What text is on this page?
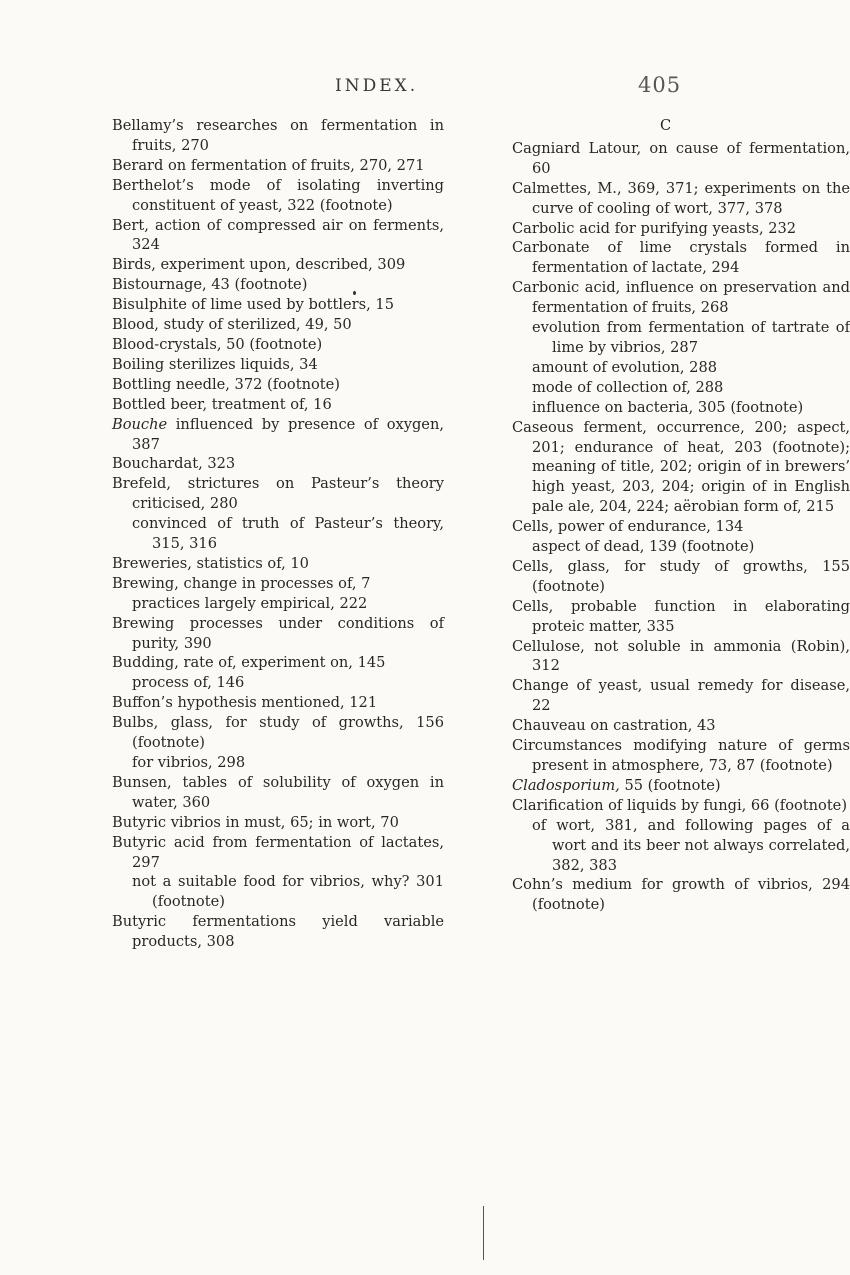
INDEX.	405

Bellamy’s researches on fermentation in fruits, 270

Berard on fermentation of fruits, 270, 271

Berthelot’s mode of isolating inverting constituent of yeast, 322 (footnote)

Bert, action of compressed air on ferments, 324

Birds, experiment upon, described, 309

Bistournage, 43 (footnote)

Bisulphite of lime used by bottlers, 15

Blood, study of sterilized, 49, 50

Blood-crystals, 50 (footnote)

Boiling sterilizes liquids, 34

Bottling needle, 372 (footnote)

Bottled beer, treatment of, 16

Bouche influenced by presence of oxygen, 387

Bouchardat, 323

Brefeld, strictures on Pasteur’s theory criticised, 280

convinced of truth of Pasteur’s theory, 315, 316

Breweries, statistics of, 10

Brewing, change in processes of, 7

practices largely empirical, 222

Brewing processes under conditions of purity, 390

Budding, rate of, experiment on, 145

process of, 146

Buffon’s hypothesis mentioned, 121

Bulbs, glass, for study of growths, 156 (footnote)

for vibrios, 298

Bunsen, tables of solubility of oxygen in water, 360

Butyric vibrios in must, 65; in wort, 70

Butyric acid from fermentation of lactates, 297

not a suitable food for vibrios, why? 301 (footnote)

Butyric fermentations yield variable products, 308

C

Cagniard Latour, on cause of fermentation, 60

Calmettes, M., 369, 371; experiments on the curve of cooling of wort, 377, 378

Carbolic acid for purifying yeasts, 232

Carbonate of lime crystals formed in fermentation of lactate, 294

Carbonic acid, influence on preservation and fermentation of fruits, 268

evolution from fermentation of tartrate of lime by vibrios, 287

amount of evolution, 288

mode of collection of, 288

influence on bacteria, 305 (footnote)

Caseous ferment, occurrence, 200; aspect, 201; endurance of heat, 203 (footnote); meaning of title, 202; origin of in brewers’ high yeast, 203, 204; origin of in English pale ale, 204, 224; aërobian form of, 215

Cells, power of endurance, 134

aspect of dead, 139 (footnote)

Cells, glass, for study of growths, 155 (footnote)

Cells, probable function in elaborating proteic matter, 335

Cellulose, not soluble in ammonia (Robin), 312

Change of yeast, usual remedy for disease, 22

Chauveau on castration, 43

Circumstances modifying nature of germs present in atmosphere, 73, 87 (footnote)

Cladosporium, 55 (footnote)

Clarification of liquids by fungi, 66 (footnote)

of wort, 381, and following pages of a wort and its beer not always correlated, 382, 383

Cohn’s medium for growth of vibrios, 294 (footnote)
